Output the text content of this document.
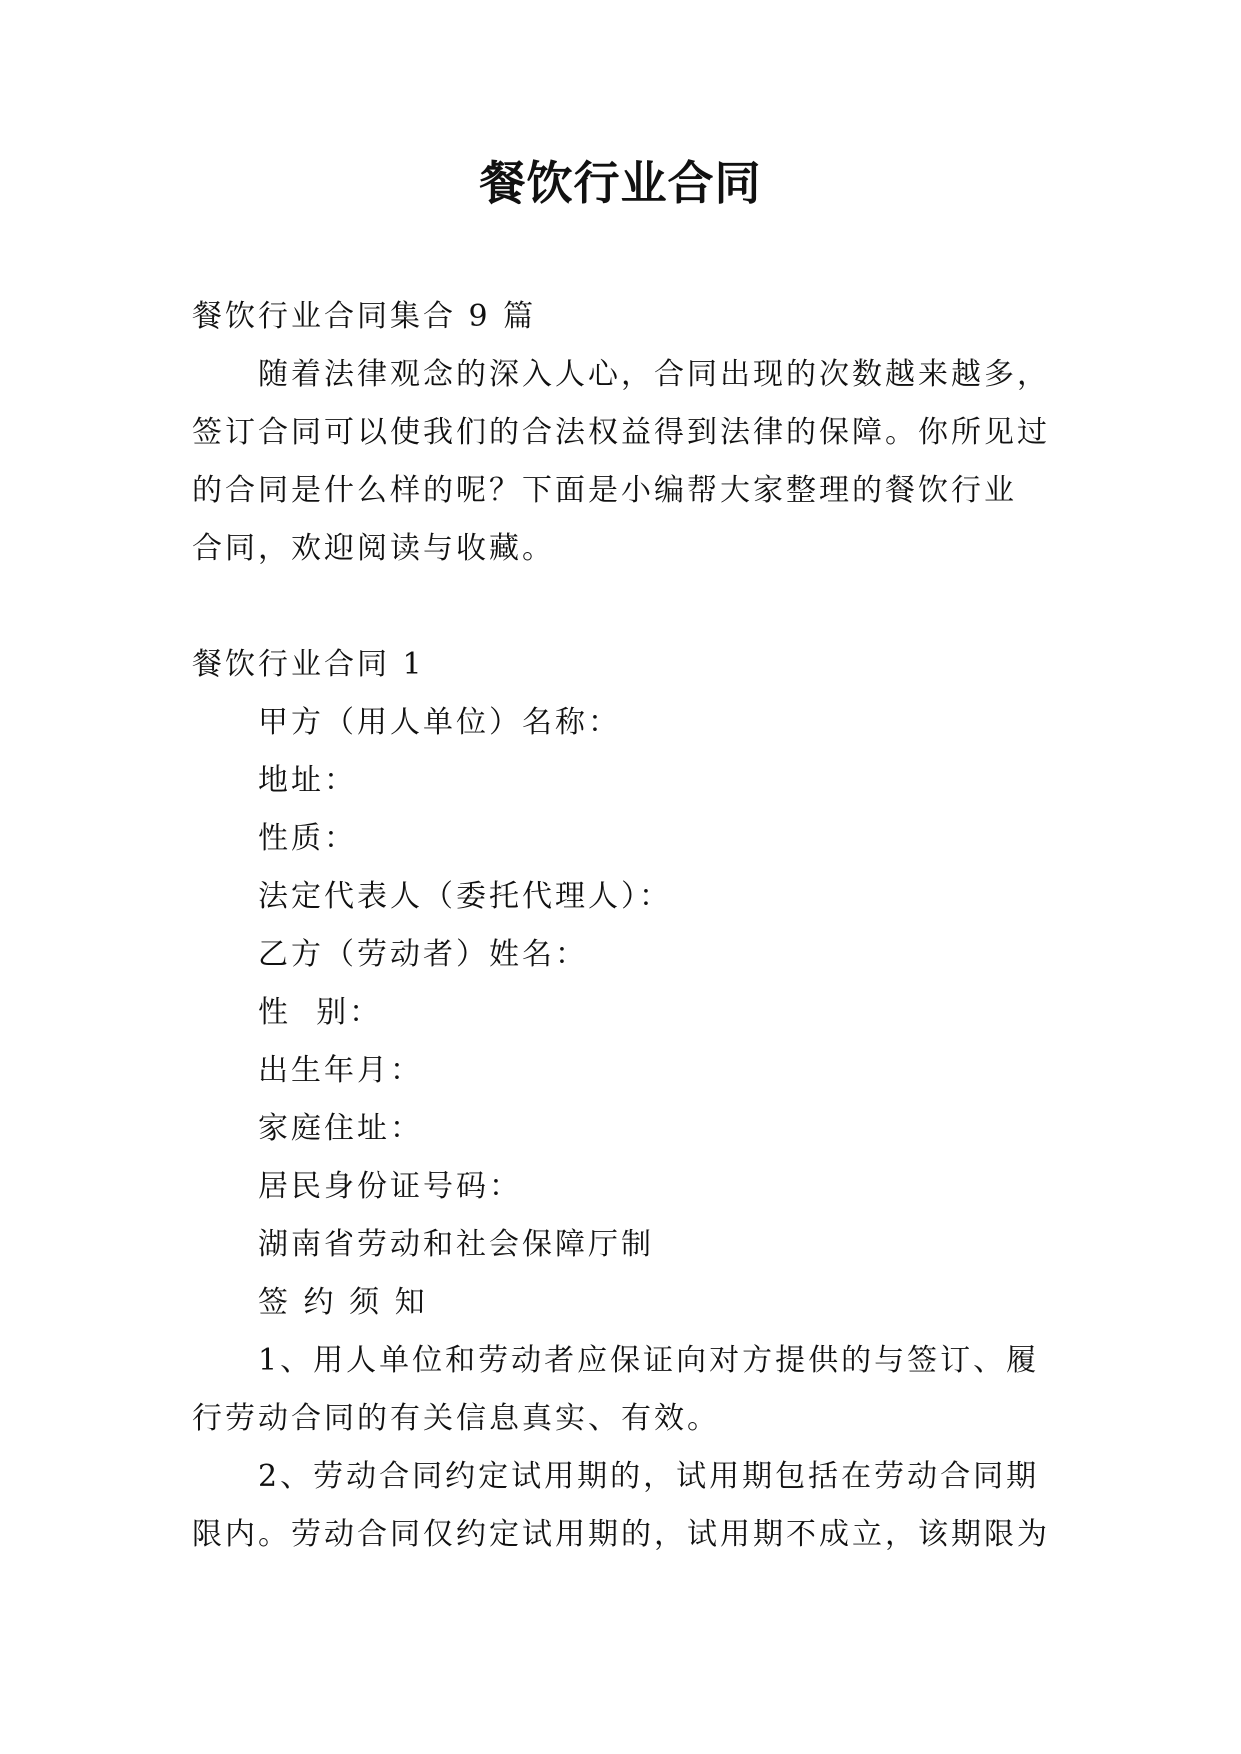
餐饮行业合同
餐饮行业合同集合 9 篇
随着法律观念的深入人心，合同出现的次数越来越多，
签订合同可以使我们的合法权益得到法律的保障。你所见过
的合同是什么样的呢？下面是小编帮大家整理的餐饮行业
合同，欢迎阅读与收藏。
餐饮行业合同 1
甲方（用人单位）名称：
地址：
性质：
法定代表人（委托代理人）：
乙方（劳动者）姓名：
性  别：
出生年月：
家庭住址：
居民身份证号码：
湖南省劳动和社会保障厅制
签 约 须 知
1、用人单位和劳动者应保证向对方提供的与签订、履
行劳动合同的有关信息真实、有效。
2、劳动合同约定试用期的，试用期包括在劳动合同期
限内。劳动合同仅约定试用期的，试用期不成立，该期限为
